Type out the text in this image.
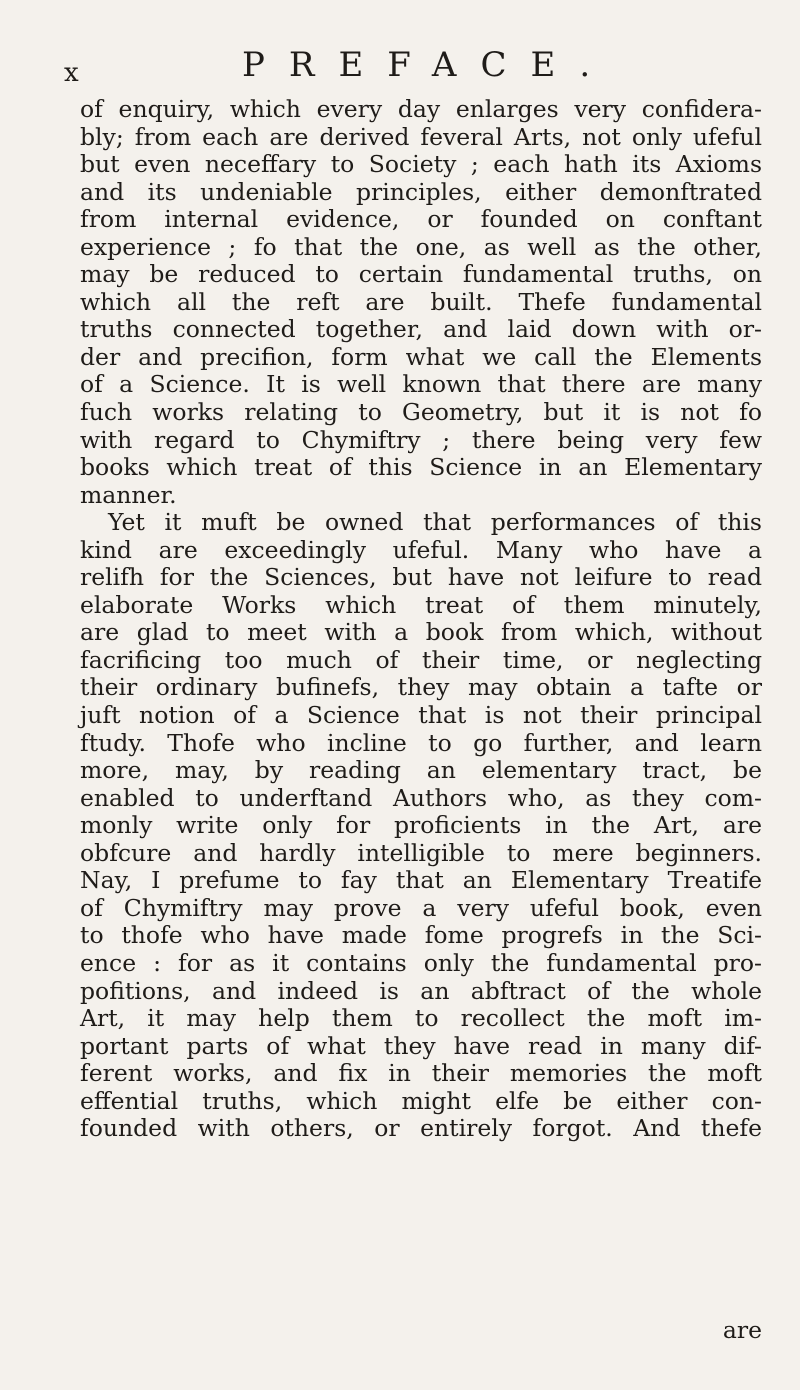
x	PREFACE.
of enquiry, which every day enlarges very confidera-
bly; from each are derived feveral Arts, not only ufeful
but even neceffary to Society ; each hath its Axioms
and its undeniable principles, either demonftrated
from internal evidence, or founded on conftant
experience ; fo that the one, as well as the other,
may be reduced to certain fundamental truths, on
which all the reft are built. Thefe fundamental
truths connected together, and laid down with or-
der and precifion, form what we call the Elements
of a Science. It is well known that there are many
fuch works relating to Geometry, but it is not fo
with regard to Chymiftry ; there being very few
books which treat of this Science in an Elementary
manner.
Yet it muft be owned that performances of this
kind are exceedingly ufeful. Many who have a
relifh for the Sciences, but have not leifure to read
elaborate Works which treat of them minutely,
are glad to meet with a book from which, without
facrificing too much of their time, or neglecting
their ordinary bufinefs, they may obtain a tafte or
juft notion of a Science that is not their principal
ftudy. Thofe who incline to go further, and learn
more, may, by reading an elementary tract, be
enabled to underftand Authors who, as they com-
monly write only for proficients in the Art, are
obfcure and hardly intelligible to mere beginners.
Nay, I prefume to fay that an Elementary Treatife
of Chymiftry may prove a very ufeful book, even
to thofe who have made fome progrefs in the Sci-
ence : for as it contains only the fundamental pro-
pofitions, and indeed is an abftract of the whole
Art, it may help them to recollect the moft im-
portant parts of what they have read in many dif-
ferent works, and fix in their memories the moft
effential truths, which might elfe be either con-
founded with others, or entirely forgot. And thefe
are
